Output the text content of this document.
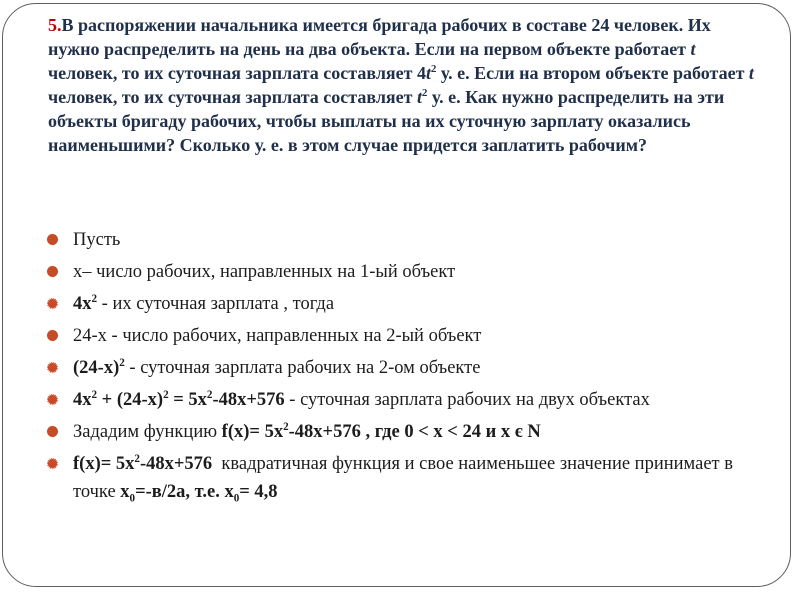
5.В распоряжении начальника имеется бригада рабочих в составе 24 человек. Их нужно распределить на день на два объекта. Если на первом объекте работает t человек, то их суточная зарплата составляет $4t^2$ у. е. Если на втором объекте работает t человек, то их суточная зарплата составляет $t^2$ у. е. Как нужно распределить на эти объекты бригаду рабочих, чтобы выплаты на их суточную зарплату оказались наименьшими? Сколько у. е. в этом случае придется заплатить рабочим?
Пусть
х– число рабочих, направленных на 1-ый объект
$4x^2$ - их суточная зарплата , тогда
24-x - число рабочих, направленных на 2-ый объект
$(24-x)^2$ - суточная зарплата рабочих на 2-ом объекте
$4x^2 + (24-x)^2 = 5x^2-48x+576$ - суточная зарплата рабочих на двух объектах
Зададим функцию $f(x)= 5x^2-48x+576$ , где 0 < x < 24 и х є N
$f(x)= 5x^2-48x+576$  квадратичная функция и свое наименьшее значение принимает в точке $x_0=-в/2а$, т.е. $x_0= 4,8$
